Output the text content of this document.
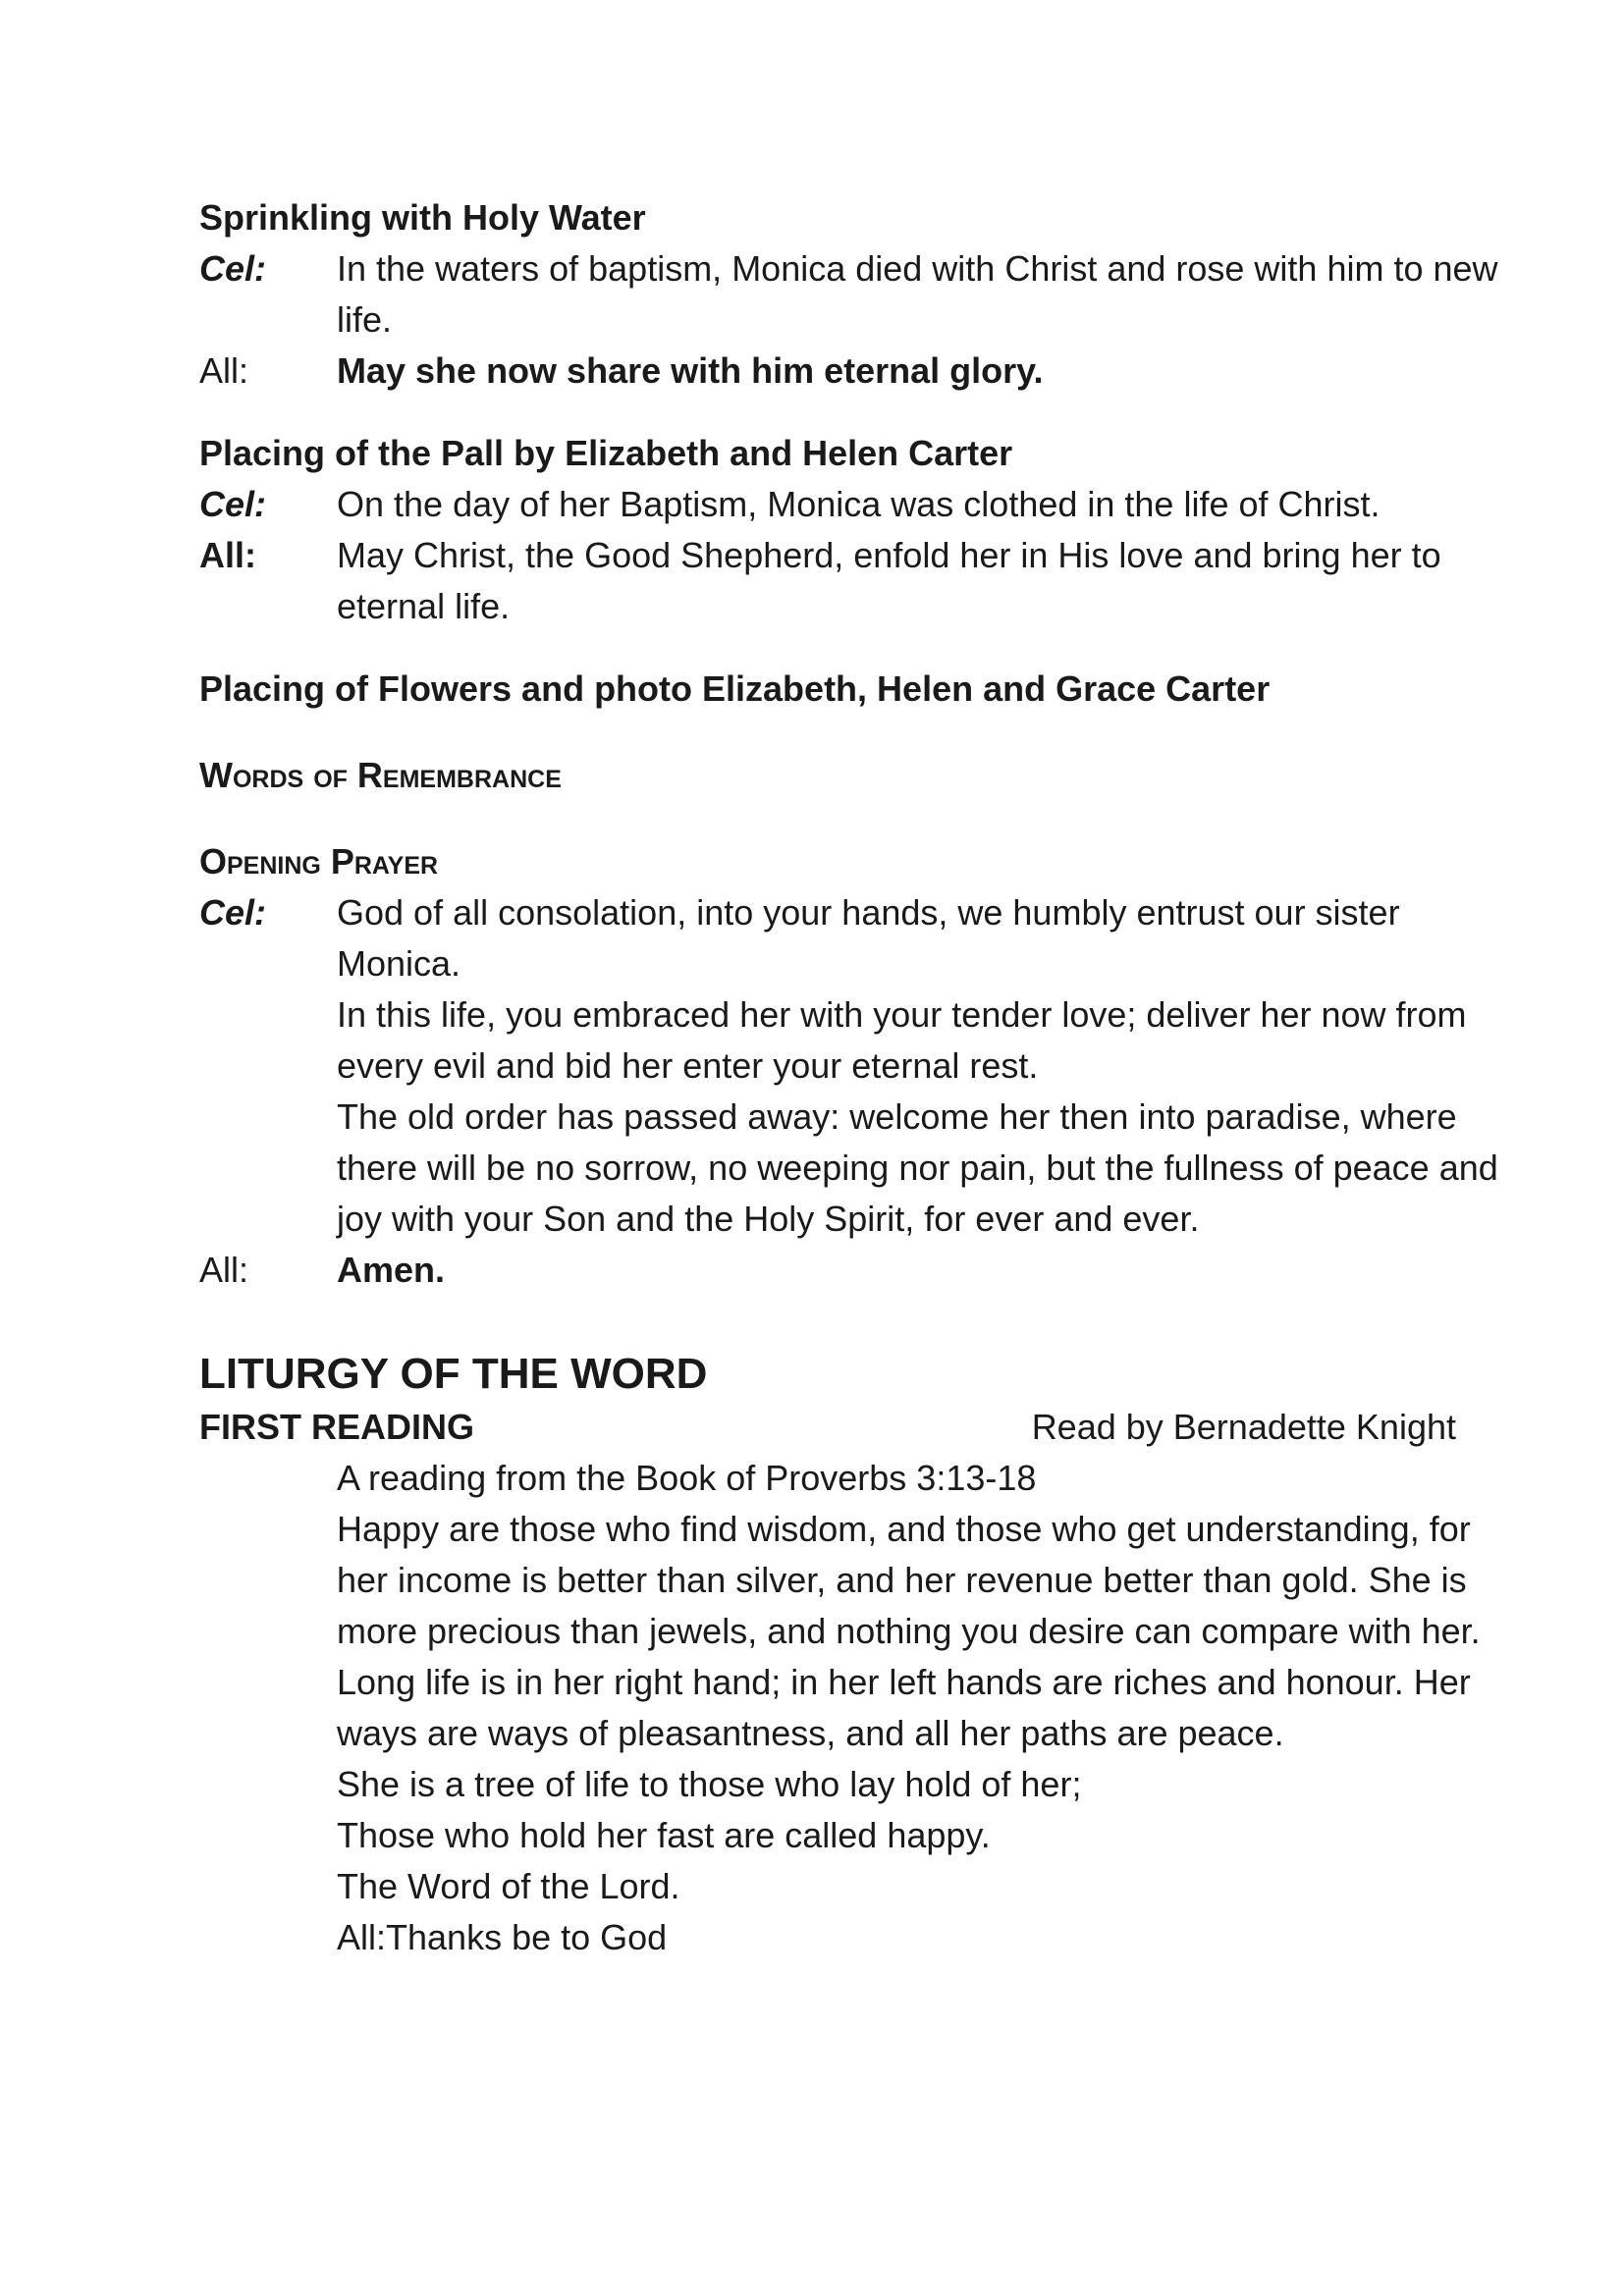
Sprinkling with Holy Water

Cel:	In the waters of baptism, Monica died with Christ and rose with him to new life.
All:	May she now share with him eternal glory.

Placing of the Pall by Elizabeth and Helen Carter

Cel:	On the day of her Baptism, Monica was clothed in the life of Christ.
All:	May Christ, the Good Shepherd, enfold her in His love and bring her to eternal life.

Placing of Flowers and photo Elizabeth, Helen and Grace Carter

Words of Remembrance

Opening Prayer

Cel:	God of all consolation, into your hands, we humbly entrust our sister Monica.

In this life, you embraced her with your tender love; deliver her now from every evil and bid her enter your eternal rest.

The old order has passed away: welcome her then into paradise, where there will be no sorrow, no weeping nor pain, but the fullness of peace and joy with your Son and the Holy Spirit, for ever and ever.

All:	Amen.

LITURGY OF THE WORD

FIRST READING	Read by Bernadette Knight

A reading from the Book of Proverbs 3:13-18

Happy are those who find wisdom, and those who get understanding, for her income is better than silver, and her revenue better than gold. She is more precious than jewels, and nothing you desire can compare with her.

Long life is in her right hand; in her left hands are riches and honour. Her ways are ways of pleasantness, and all her paths are peace.

She is a tree of life to those who lay hold of her;

Those who hold her fast are called happy.

The Word of the Lord.

All:Thanks be to God
